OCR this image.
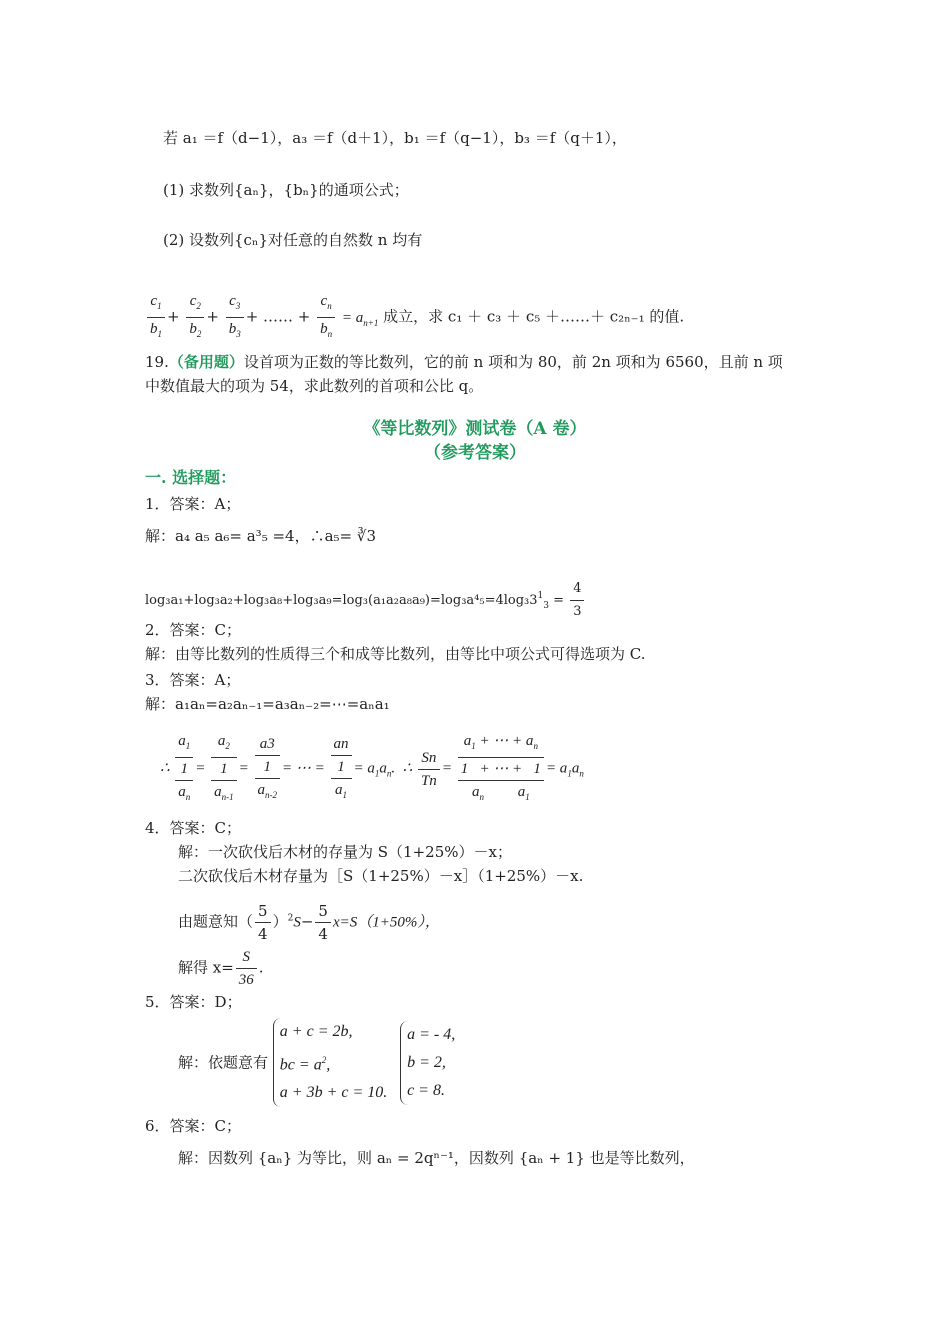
若 a₁ ＝f（d−1），a₃ ＝f（d＋1），b₁ ＝f（q−1），b₃ ＝f（q＋1），
(1) 求数列{aₙ}，{bₙ}的通项公式；
(2) 设数列{cₙ}对任意的自然数 n 均有
$\frac{c_1}{b_1} + \frac{c_2}{b_2} + \frac{c_3}{b_3}$ + …… + $\frac{c_n}{b_n} = a_{n+1}$ 成立，求 c₁ ＋ c₃ ＋ c₅ ＋……＋ c₂ₙ₋₁ 的值.
19.（备用题）设首项为正数的等比数列，它的前 n 项和为 80，前 2n 项和为 6560，且前 n 项
中数值最大的项为 54，求此数列的首项和公比 q。
《等比数列》测试卷（A 卷）
（参考答案）
一. 选择题：
1．答案：A；
解：a₄ a₅ a₆= a³₅ =4，∴a₅= ∛3
$\log_3a_1+\log_3a_2+\log_3a_8+\log_3a_9=\log_3(a_1a_2a_8a_9)=\log_3a^4_5=4\log_33^1_3 = \frac{4}{3}$
2．答案：C；
解：由等比数列的性质得三个和成等比数列，由等比中项公式可得选项为 C.
3．答案：A；
解：a₁aₙ=a₂aₙ₋₁=a₃aₙ₋₂=⋯=aₙa₁
∴
$a_1$
1
$a_n$
=
$a_2$
1
$a_{n-1}$
=
a3
1
$a_{n-2}$
= ⋯ =
an
1
$a_1$
= $a_1a_n$.  ∴ $\frac{Sn}{Tn}$ =
$a_1$ + ⋯ + $a_n$
1   + ⋯ +   1
$a_n$         $a_1$
= $a_1a_n$
4．答案：C；
解：一次砍伐后木材的存量为 S（1+25%）－x；
二次砍伐后木材存量为［S（1+25%）－x］（1+25%）－x.
由题意知（ $\frac{5}{4} )^2S- \frac{5}{4} x=S(1+50\%)$，
解得 $x= \frac{S}{36}$ .
5．答案：D；
解：依题意有
a + c = 2b,
bc = $a^2$,
a + 3b + c = 10.

a = - 4,
b = 2,
c = 8.
6．答案：C；
解：因数列 {aₙ} 为等比，则 aₙ = 2qⁿ⁻¹，因数列 {aₙ + 1} 也是等比数列，
